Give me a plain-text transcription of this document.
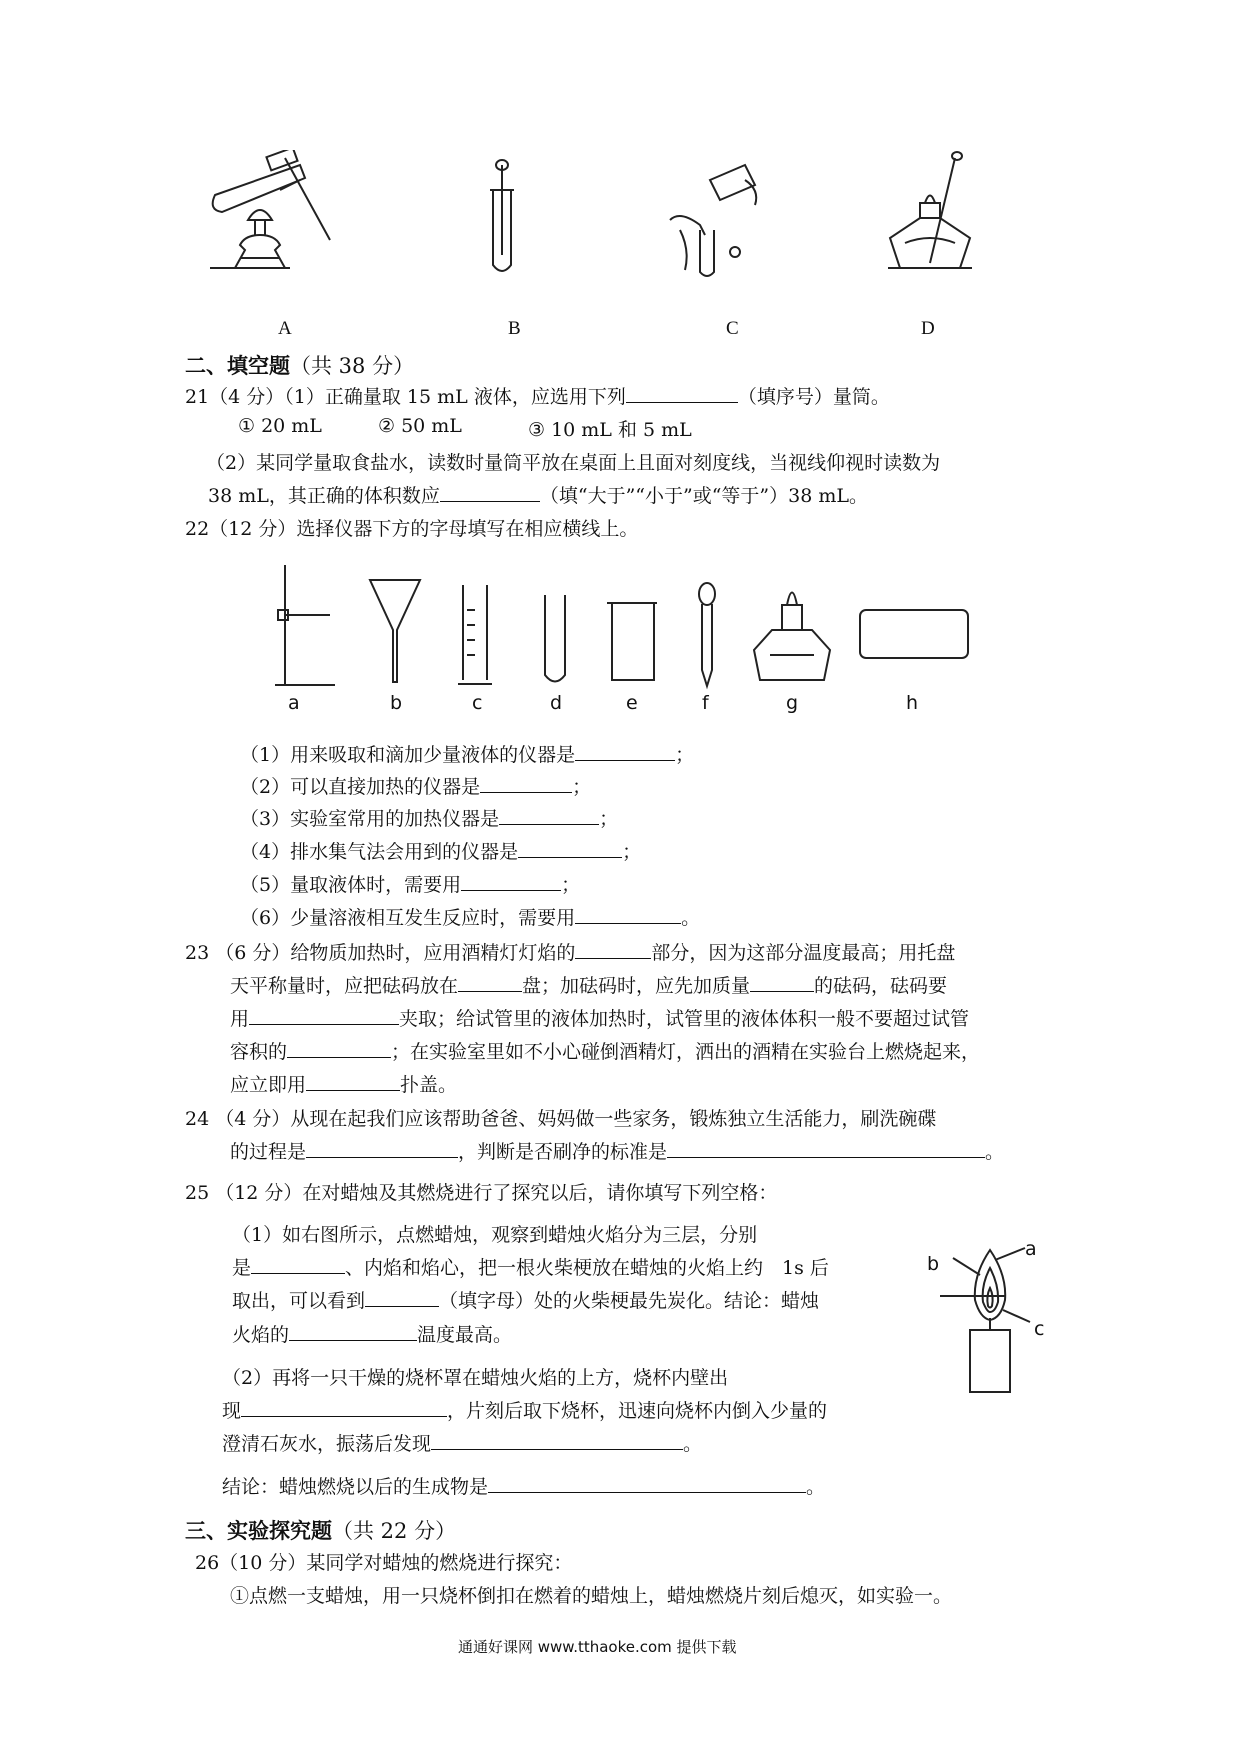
A	B	C	D
二、填空题（共 38 分）
21（4 分）（1）正确量取 15 mL 液体，应选用下列	（填序号）量筒。
① 20 mL	② 50 mL	③ 10 mL 和 5 mL
（2）某同学量取食盐水，读数时量筒平放在桌面上且面对刻度线，当视线仰视时读数为
38 mL，其正确的体积数应	（填“大于”“小于”或“等于”）38 mL。
22（12 分）选择仪器下方的字母填写在相应横线上。
a	b	c	d	e	f	g	h
（1）用来吸取和滴加少量液体的仪器是	；
（2）可以直接加热的仪器是	；
（3）实验室常用的加热仪器是	；
（4）排水集气法会用到的仪器是	；
（5）量取液体时，需要用	；
（6）少量溶液相互发生反应时，需要用	。
23 （6 分）给物质加热时，应用酒精灯灯焰的	部分，因为这部分温度最高；用托盘
天平称量时，应把砝码放在	盘；加砝码时，应先加质量	的砝码，砝码要
用	夹取；给试管里的液体加热时，试管里的液体体积一般不要超过试管
容积的	；在实验室里如不小心碰倒酒精灯，洒出的酒精在实验台上燃烧起来，
应立即用	扑盖。
24 （4 分）从现在起我们应该帮助爸爸、妈妈做一些家务，锻炼独立生活能力，刷洗碗碟
的过程是	，判断是否刷净的标准是	。
25 （12 分）在对蜡烛及其燃烧进行了探究以后，请你填写下列空格：
（1）如右图所示，点燃蜡烛，观察到蜡烛火焰分为三层，分别
是	、内焰和焰心，把一根火柴梗放在蜡烛的火焰上约　1s 后
取出，可以看到	（填字母）处的火柴梗最先炭化。结论：蜡烛
火焰的	温度最高。
（2）再将一只干燥的烧杯罩在蜡烛火焰的上方，烧杯内壁出
现	，片刻后取下烧杯，迅速向烧杯内倒入少量的
澄清石灰水，振荡后发现	。
结论：蜡烛燃烧以后的生成物是	。
a
b
c
三、实验探究题（共 22 分）
26（10 分）某同学对蜡烛的燃烧进行探究：
①点燃一支蜡烛，用一只烧杯倒扣在燃着的蜡烛上，蜡烛燃烧片刻后熄灭，如实验一。
通通好课网 www.tthaoke.com 提供下载
